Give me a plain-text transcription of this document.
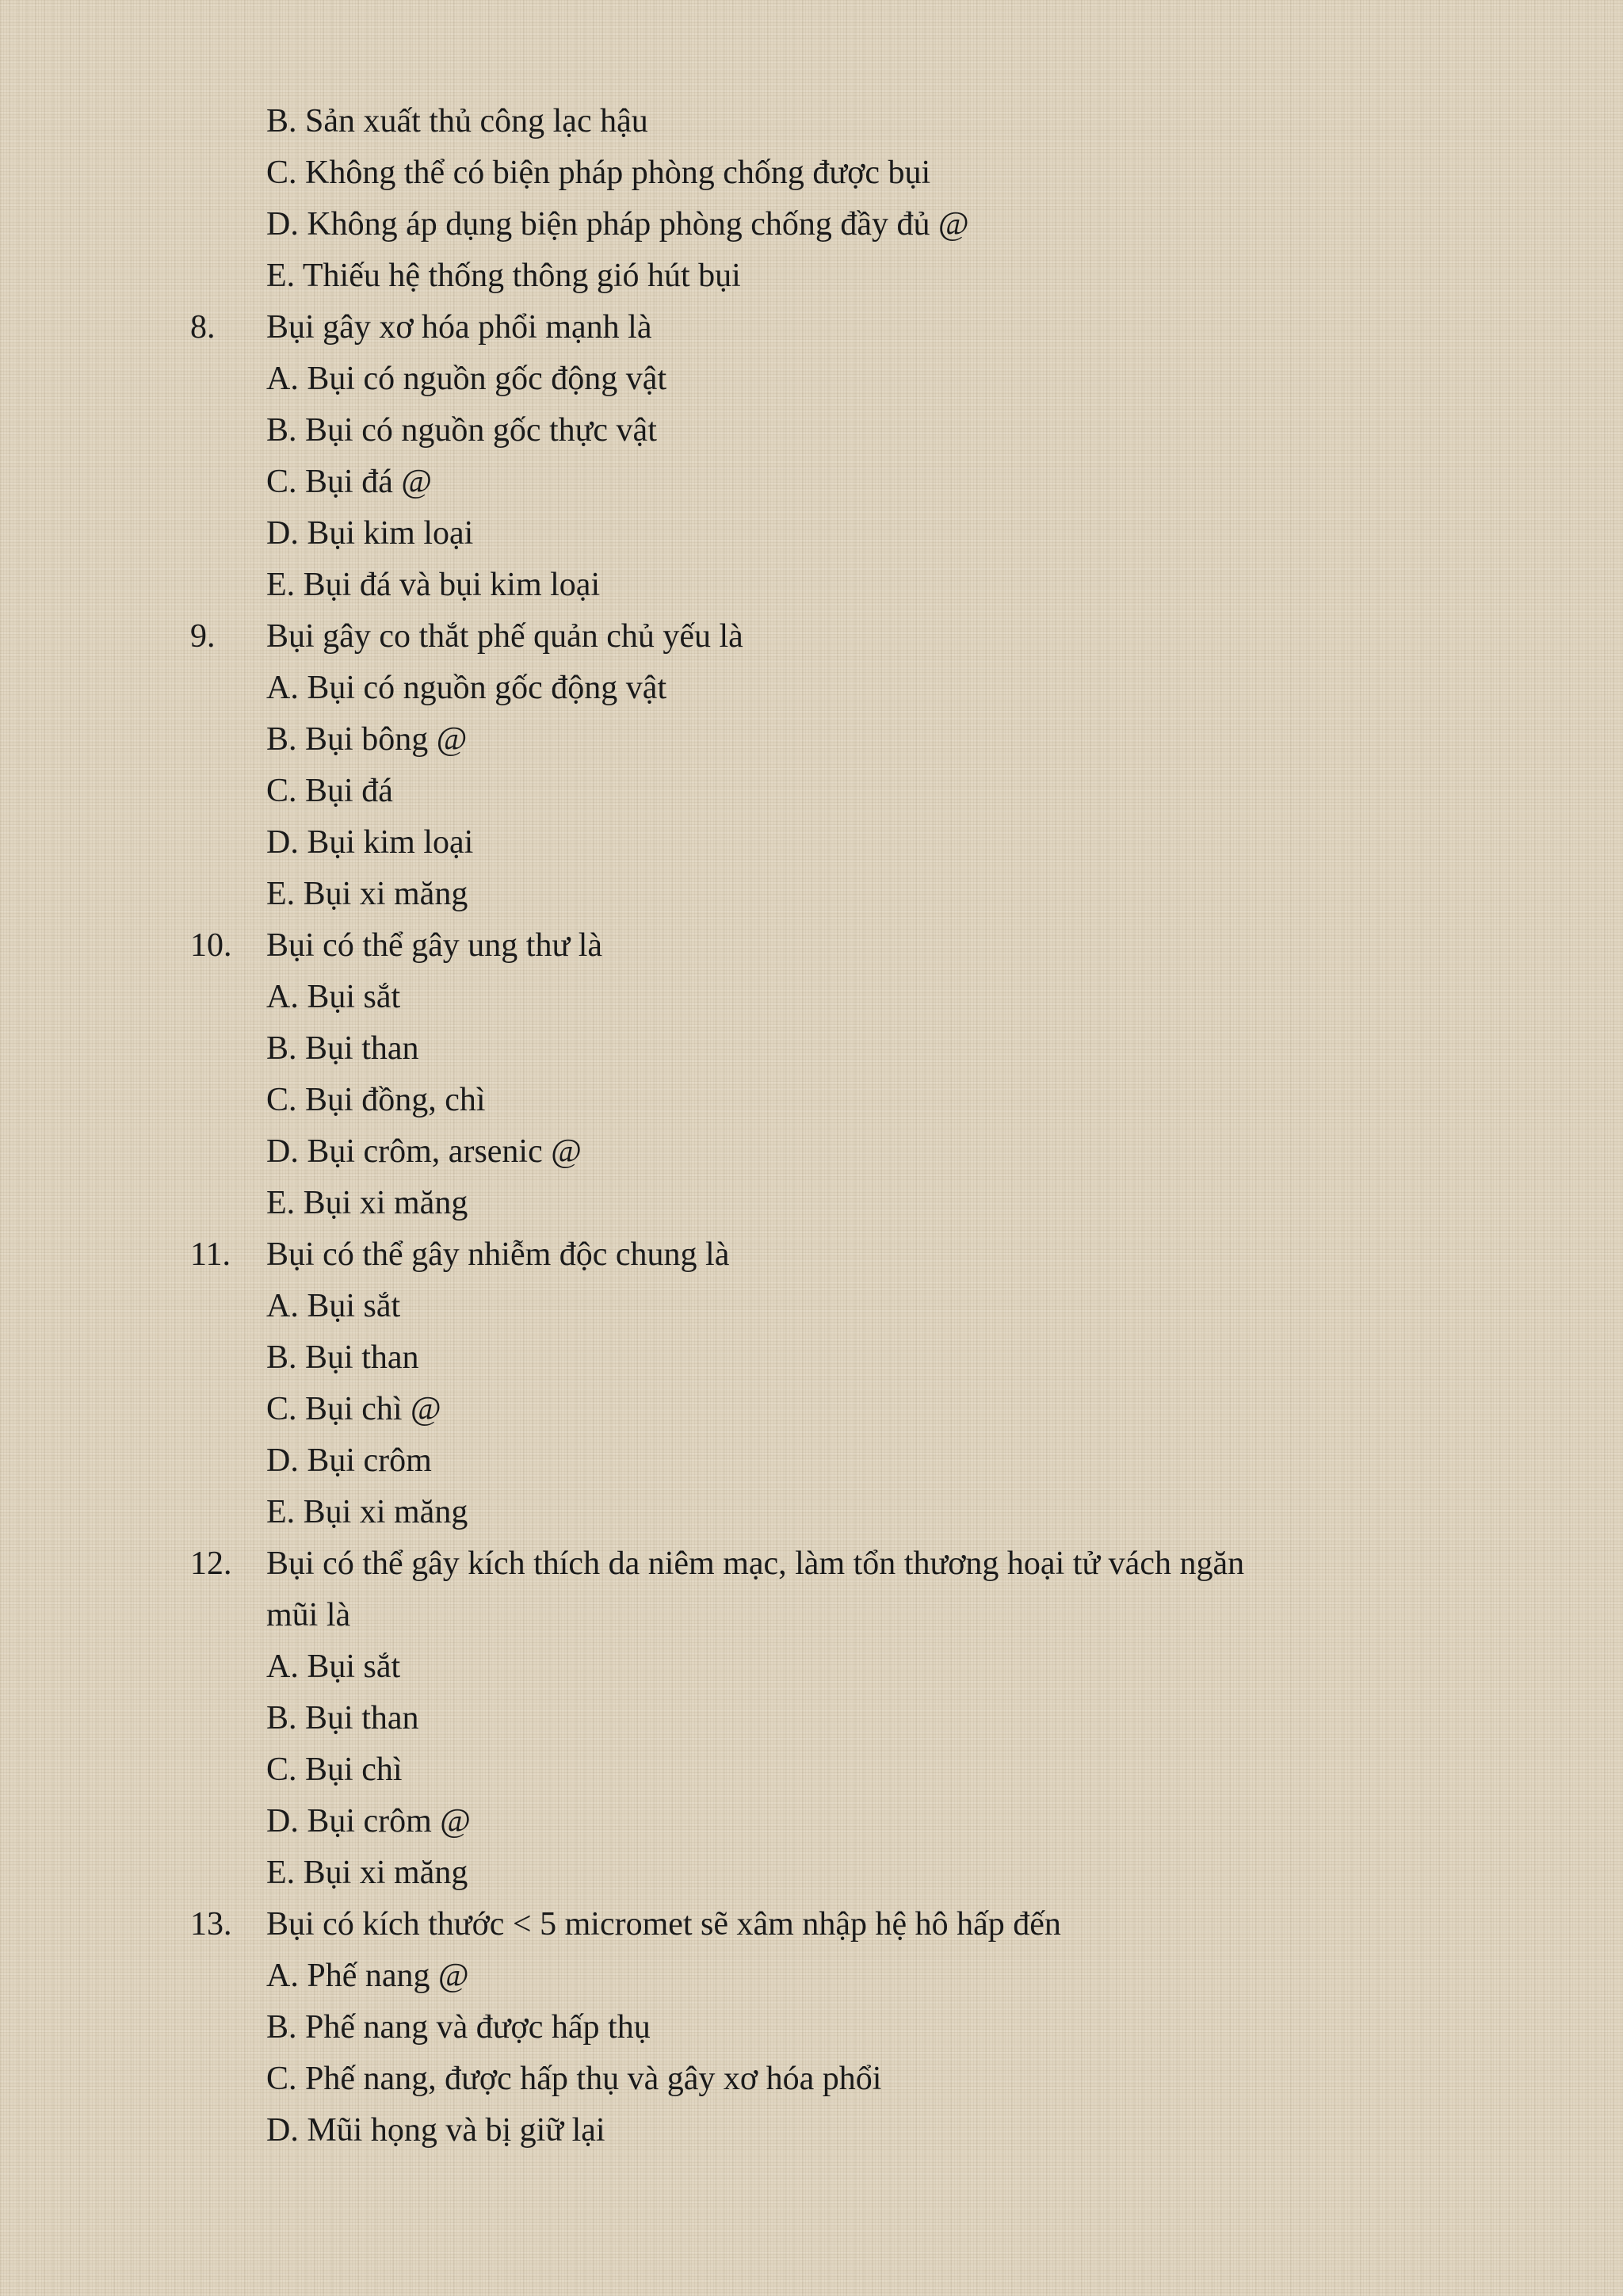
B. Sản xuất thủ công lạc hậu
C. Không thể có biện pháp phòng chống được bụi
D. Không áp dụng biện pháp phòng chống đầy đủ @
E. Thiếu hệ thống thông gió hút bụi
8. Bụi gây xơ hóa phổi mạnh là
A. Bụi có nguồn gốc động vật
B. Bụi có nguồn gốc thực vật
C. Bụi đá @
D. Bụi kim loại
E. Bụi đá và bụi kim loại
9. Bụi gây co thắt phế quản chủ yếu là
A. Bụi có nguồn gốc động vật
B. Bụi bông @
C. Bụi đá
D. Bụi kim loại
E. Bụi xi măng
10. Bụi có thể gây ung thư là
A. Bụi sắt
B. Bụi than
C. Bụi đồng, chì
D. Bụi crôm, arsenic @
E. Bụi xi măng
11. Bụi có thể gây nhiễm độc chung là
A. Bụi sắt
B. Bụi than
C. Bụi chì @
D. Bụi crôm
E. Bụi xi măng
12. Bụi có thể gây kích thích da niêm mạc, làm tổn thương hoại tử vách ngăn
mũi là
A. Bụi sắt
B. Bụi than
C. Bụi chì
D. Bụi crôm @
E. Bụi xi măng
13. Bụi có kích thước < 5 micromet sẽ xâm nhập hệ hô hấp đến
A. Phế nang @
B. Phế nang và được hấp thụ
C. Phế nang, được hấp thụ và gây xơ hóa phổi
D. Mũi họng và bị giữ lại
